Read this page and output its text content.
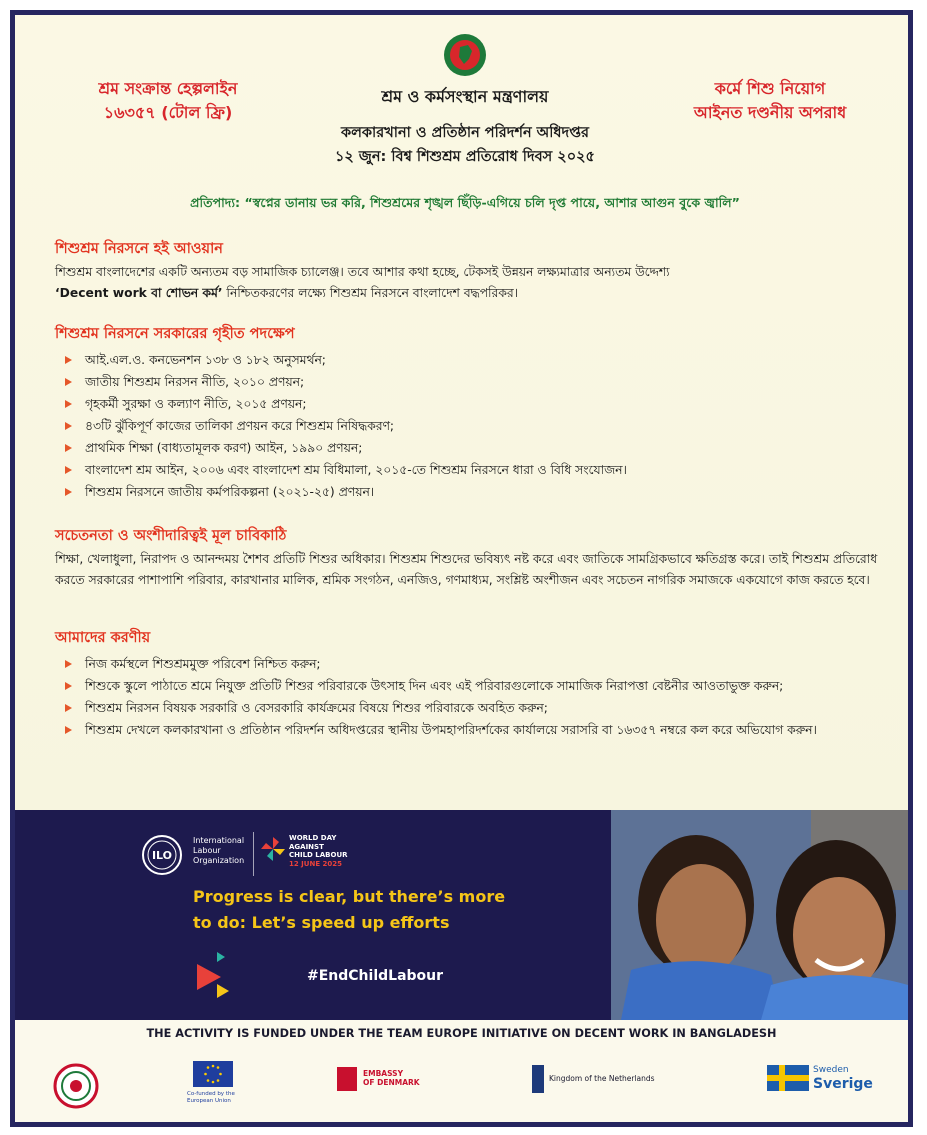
শ্রম সংক্রান্ত হেল্পলাইন
১৬৩৫৭ (টোল ফ্রি)
শ্রম ও কর্মসংস্থান মন্ত্রণালয়
কলকারখানা ও প্রতিষ্ঠান পরিদর্শন অধিদপ্তর
১২ জুন: বিশ্ব শিশুশ্রম প্রতিরোধ দিবস ২০২৫
কর্মে শিশু নিয়োগ
আইনত দণ্ডনীয় অপরাধ
প্রতিপাদ্য: “স্বপ্নের ডানায় ভর করি, শিশুশ্রমের শৃঙ্খল ছিঁড়ি-এগিয়ে চলি দৃপ্ত পায়ে, আশার আগুন বুকে জ্বালি”
শিশুশ্রম নিরসনে হই আওয়ান
শিশুশ্রম বাংলাদেশের একটি অন্যতম বড় সামাজিক চ্যালেঞ্জ। তবে আশার কথা হচ্ছে, টেকসই উন্নয়ন লক্ষ্যমাত্রার অন্যতম উদ্দেশ্য
‘Decent work বা শোভন কর্ম’ নিশ্চিতকরণের লক্ষ্যে শিশুশ্রম নিরসনে বাংলাদেশ বদ্ধপরিকর।
শিশুশ্রম নিরসনে সরকারের গৃহীত পদক্ষেপ
আই.এল.ও. কনভেনশন ১৩৮ ও ১৮২ অনুসমর্থন;
জাতীয় শিশুশ্রম নিরসন নীতি, ২০১০ প্রণয়ন;
গৃহকর্মী সুরক্ষা ও কল্যাণ নীতি, ২০১৫ প্রণয়ন;
৪৩টি ঝুঁকিপূর্ণ কাজের তালিকা প্রণয়ন করে শিশুশ্রম নিষিদ্ধকরণ;
প্রাথমিক শিক্ষা (বাধ্যতামূলক করণ) আইন, ১৯৯০ প্রণয়ন;
বাংলাদেশ শ্রম আইন, ২০০৬ এবং বাংলাদেশ শ্রম বিধিমালা, ২০১৫-তে শিশুশ্রম নিরসনে ধারা ও বিধি সংযোজন।
শিশুশ্রম নিরসনে জাতীয় কর্মপরিকল্পনা (২০২১-২৫) প্রণয়ন।
সচেতনতা ও অংশীদারিত্বই মূল চাবিকাঠি
শিক্ষা, খেলাধুলা, নিরাপদ ও আনন্দময় শৈশব প্রতিটি শিশুর অধিকার। শিশুশ্রম শিশুদের ভবিষ্যৎ নষ্ট করে এবং জাতিকে সামগ্রিকভাবে ক্ষতিগ্রস্ত করে। তাই শিশুশ্রম প্রতিরোধ করতে সরকারের পাশাপাশি পরিবার, কারখানার মালিক, শ্রমিক সংগঠন, এনজিও, গণমাধ্যম, সংশ্লিষ্ট অংশীজন এবং সচেতন নাগরিক সমাজকে একযোগে কাজ করতে হবে।
আমাদের করণীয়
নিজ কর্মস্থলে শিশুশ্রমমুক্ত পরিবেশ নিশ্চিত করুন;
শিশুকে স্কুলে পাঠাতে শ্রমে নিযুক্ত প্রতিটি শিশুর পরিবারকে উৎসাহ দিন এবং এই পরিবারগুলোকে সামাজিক নিরাপত্তা বেষ্টনীর আওতাভুক্ত করুন;
শিশুশ্রম নিরসন বিষয়ক সরকারি ও বেসরকারি কার্যক্রমের বিষয়ে শিশুর পরিবারকে অবহিত করুন;
শিশুশ্রম দেখলে কলকারখানা ও প্রতিষ্ঠান পরিদর্শন অধিদপ্তরের স্থানীয় উপমহাপরিদর্শকের কার্যালয়ে সরাসরি বা ১৬৩৫৭ নম্বরে কল করে অভিযোগ করুন।
ILO
International
Labour
Organization
WORLD DAY
AGAINST
CHILD LABOUR
12 JUNE 2025
Progress is clear, but there’s more to do: Let’s speed up efforts
#EndChildLabour
THE ACTIVITY IS FUNDED UNDER THE TEAM EUROPE INITIATIVE ON DECENT WORK IN BANGLADESH
Co-funded by the European Union
EMBASSY
OF DENMARK	Kingdom of the Netherlands
Sweden
Sverige
